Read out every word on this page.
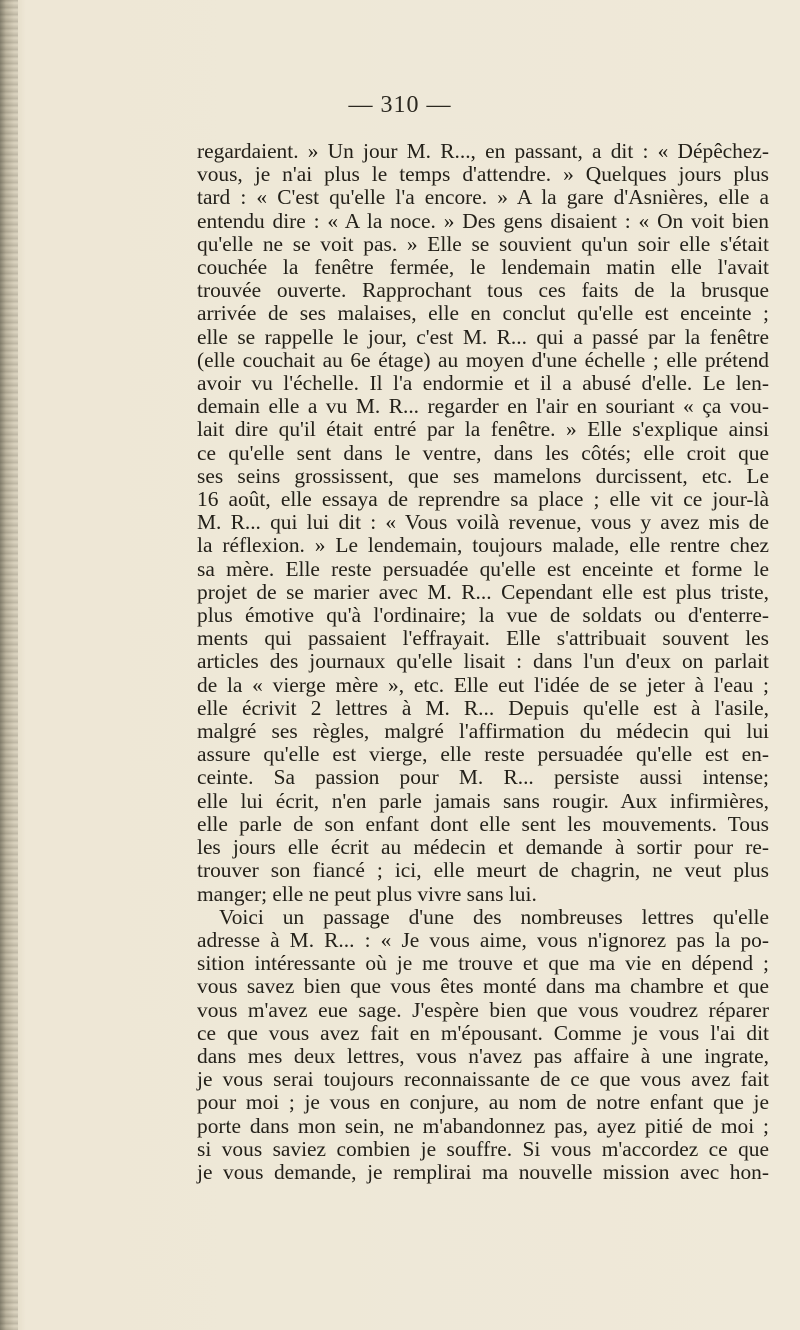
— 310 —
regardaient. » Un jour M. R..., en passant, a dit : « Dépêchez-
vous, je n'ai plus le temps d'attendre. » Quelques jours plus
tard : « C'est qu'elle l'a encore. » A la gare d'Asnières, elle a
entendu dire : « A la noce. » Des gens disaient : « On voit bien
qu'elle ne se voit pas. » Elle se souvient qu'un soir elle s'était
couchée la fenêtre fermée, le lendemain matin elle l'avait
trouvée ouverte. Rapprochant tous ces faits de la brusque
arrivée de ses malaises, elle en conclut qu'elle est enceinte ;
elle se rappelle le jour, c'est M. R... qui a passé par la fenêtre
(elle couchait au 6e étage) au moyen d'une échelle ; elle prétend
avoir vu l'échelle. Il l'a endormie et il a abusé d'elle. Le len-
demain elle a vu M. R... regarder en l'air en souriant « ça vou-
lait dire qu'il était entré par la fenêtre. » Elle s'explique ainsi
ce qu'elle sent dans le ventre, dans les côtés; elle croit que
ses seins grossissent, que ses mamelons durcissent, etc. Le
16 août, elle essaya de reprendre sa place ; elle vit ce jour-là
M. R... qui lui dit : « Vous voilà revenue, vous y avez mis de
la réflexion. » Le lendemain, toujours malade, elle rentre chez
sa mère. Elle reste persuadée qu'elle est enceinte et forme le
projet de se marier avec M. R... Cependant elle est plus triste,
plus émotive qu'à l'ordinaire; la vue de soldats ou d'enterre-
ments qui passaient l'effrayait. Elle s'attribuait souvent les
articles des journaux qu'elle lisait : dans l'un d'eux on parlait
de la « vierge mère », etc. Elle eut l'idée de se jeter à l'eau ;
elle écrivit 2 lettres à M. R... Depuis qu'elle est à l'asile,
malgré ses règles, malgré l'affirmation du médecin qui lui
assure qu'elle est vierge, elle reste persuadée qu'elle est en-
ceinte. Sa passion pour M. R... persiste aussi intense;
elle lui écrit, n'en parle jamais sans rougir. Aux infirmières,
elle parle de son enfant dont elle sent les mouvements. Tous
les jours elle écrit au médecin et demande à sortir pour re-
trouver son fiancé ; ici, elle meurt de chagrin, ne veut plus
manger; elle ne peut plus vivre sans lui.
Voici un passage d'une des nombreuses lettres qu'elle
adresse à M. R... : « Je vous aime, vous n'ignorez pas la po-
sition intéressante où je me trouve et que ma vie en dépend ;
vous savez bien que vous êtes monté dans ma chambre et que
vous m'avez eue sage. J'espère bien que vous voudrez réparer
ce que vous avez fait en m'épousant. Comme je vous l'ai dit
dans mes deux lettres, vous n'avez pas affaire à une ingrate,
je vous serai toujours reconnaissante de ce que vous avez fait
pour moi ; je vous en conjure, au nom de notre enfant que je
porte dans mon sein, ne m'abandonnez pas, ayez pitié de moi ;
si vous saviez combien je souffre. Si vous m'accordez ce que
je vous demande, je remplirai ma nouvelle mission avec hon-
